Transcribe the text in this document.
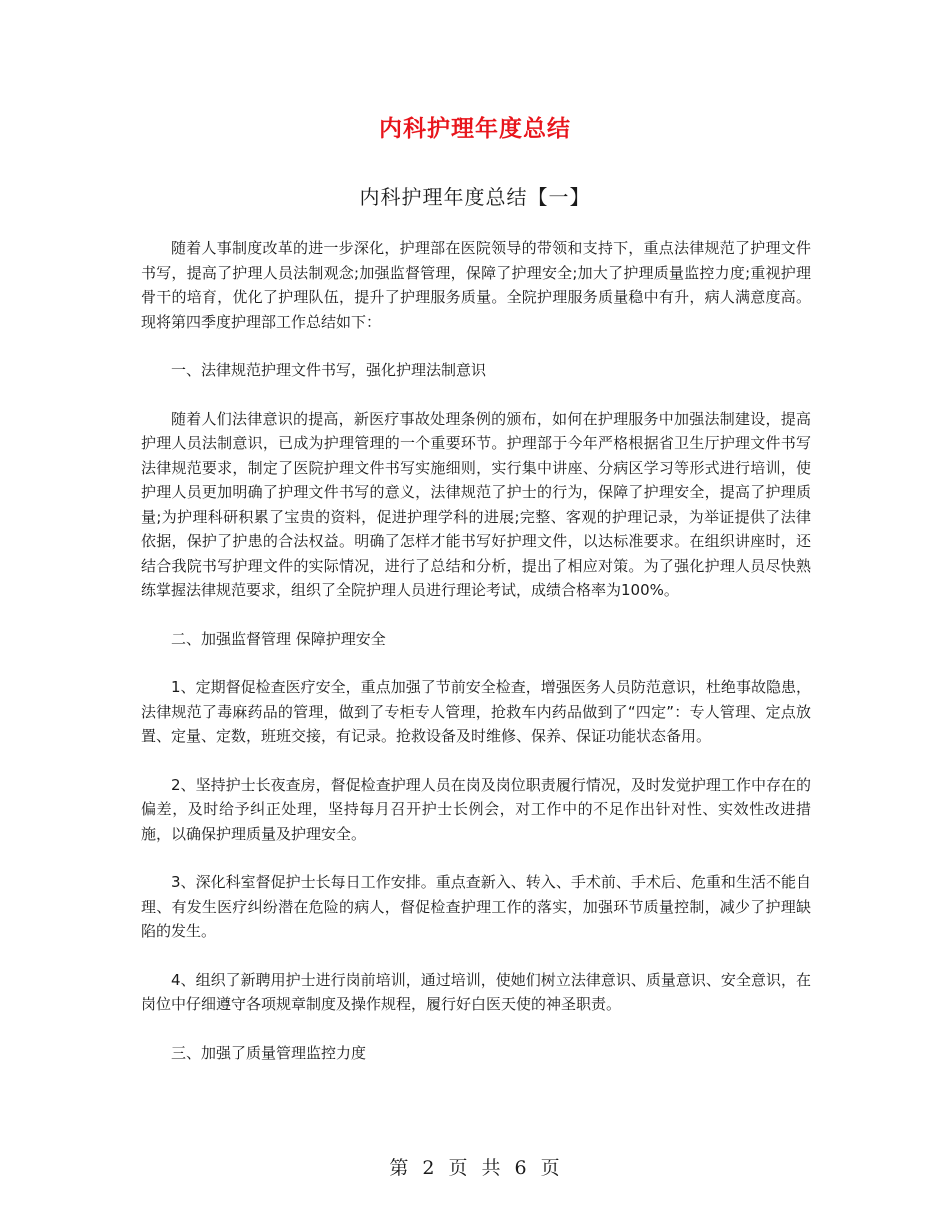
内科护理年度总结
内科护理年度总结【一】

随着人事制度改革的进一步深化，护理部在医院领导的带领和支持下，重点法律规范了护理文件书写，提高了护理人员法制观念;加强监督管理，保障了护理安全;加大了护理质量监控力度;重视护理骨干的培育，优化了护理队伍，提升了护理服务质量。全院护理服务质量稳中有升，病人满意度高。现将第四季度护理部工作总结如下：

一、法律规范护理文件书写，强化护理法制意识

随着人们法律意识的提高，新医疗事故处理条例的颁布，如何在护理服务中加强法制建设，提高护理人员法制意识，已成为护理管理的一个重要环节。护理部于今年严格根据省卫生厅护理文件书写法律规范要求，制定了医院护理文件书写实施细则，实行集中讲座、分病区学习等形式进行培训，使护理人员更加明确了护理文件书写的意义，法律规范了护士的行为，保障了护理安全，提高了护理质量;为护理科研积累了宝贵的资料，促进护理学科的进展;完整、客观的护理记录，为举证提供了法律依据，保护了护患的合法权益。明确了怎样才能书写好护理文件，以达标准要求。在组织讲座时，还结合我院书写护理文件的实际情况，进行了总结和分析，提出了相应对策。为了强化护理人员尽快熟练掌握法律规范要求，组织了全院护理人员进行理论考试，成绩合格率为100%。

二、加强监督管理 保障护理安全

1、定期督促检查医疗安全，重点加强了节前安全检查，增强医务人员防范意识，杜绝事故隐患，法律规范了毒麻药品的管理，做到了专柜专人管理，抢救车内药品做到了“四定”：专人管理、定点放置、定量、定数，班班交接，有记录。抢救设备及时维修、保养、保证功能状态备用。

2、坚持护士长夜查房，督促检查护理人员在岗及岗位职责履行情况，及时发觉护理工作中存在的偏差，及时给予纠正处理，坚持每月召开护士长例会，对工作中的不足作出针对性、实效性改进措施，以确保护理质量及护理安全。

3、深化科室督促护士长每日工作安排。重点查新入、转入、手术前、手术后、危重和生活不能自理、有发生医疗纠纷潜在危险的病人，督促检查护理工作的落实，加强环节质量控制，减少了护理缺陷的发生。

4、组织了新聘用护士进行岗前培训，通过培训，使她们树立法律意识、质量意识、安全意识，在岗位中仔细遵守各项规章制度及操作规程，履行好白医天使的神圣职责。

三、加强了质量管理监控力度

第 2 页 共 6 页
